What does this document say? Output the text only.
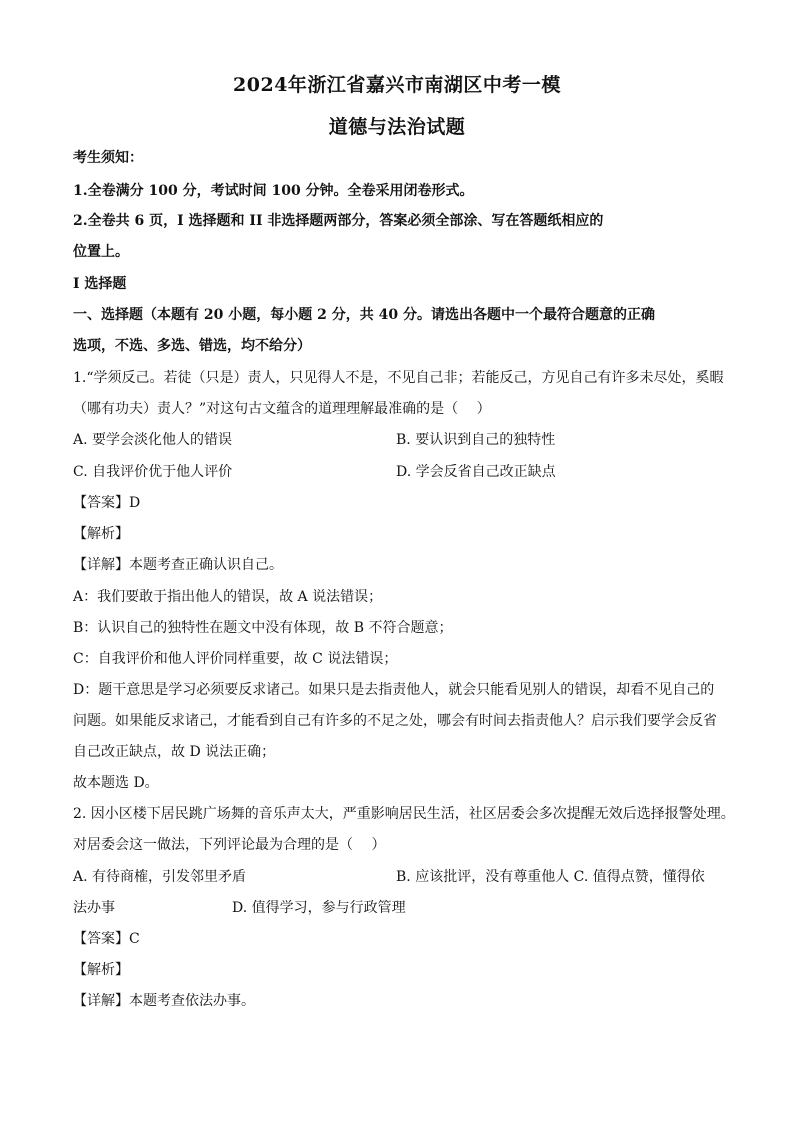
2024年浙江省嘉兴市南湖区中考一模
道德与法治试题
考生须知：
1.全卷满分 100 分，考试时间 100 分钟。全卷采用闭卷形式。
2.全卷共 6 页，I 选择题和 II 非选择题两部分，答案必须全部涂、写在答题纸相应的
位置上。
I 选择题
一、选择题（本题有 20 小题，每小题 2 分，共 40 分。请选出各题中一个最符合题意的正确
选项，不选、多选、错选，均不给分）
1.“学须反己。若徒（只是）责人，只见得人不是，不见自己非；若能反己，方见自己有许多未尽处，奚暇
（哪有功夫）责人？”对这句古文蕴含的道理理解最准确的是（　 ）
A. 要学会淡化他人的错误	B. 要认识到自己的独特性
C. 自我评价优于他人评价	D. 学会反省自己改正缺点
【答案】D
【解析】
【详解】本题考查正确认识自己。
A：我们要敢于指出他人的错误，故 A 说法错误；
B：认识自己的独特性在题文中没有体现，故 B 不符合题意；
C：自我评价和他人评价同样重要，故 C 说法错误；
D：题干意思是学习必须要反求诸己。如果只是去指责他人，就会只能看见别人的错误，却看不见自己的
问题。如果能反求诸己，才能看到自己有许多的不足之处，哪会有时间去指责他人？启示我们要学会反省
自己改正缺点，故 D 说法正确；
故本题选 D。
2. 因小区楼下居民跳广场舞的音乐声太大，严重影响居民生活，社区居委会多次提醒无效后选择报警处理。
对居委会这一做法，下列评论最为合理的是（　 ）
A. 有待商榷，引发邻里矛盾	B. 应该批评，没有尊重他人 C. 值得点赞，懂得依
法办事	D. 值得学习，参与行政管理
【答案】C
【解析】
【详解】本题考查依法办事。
